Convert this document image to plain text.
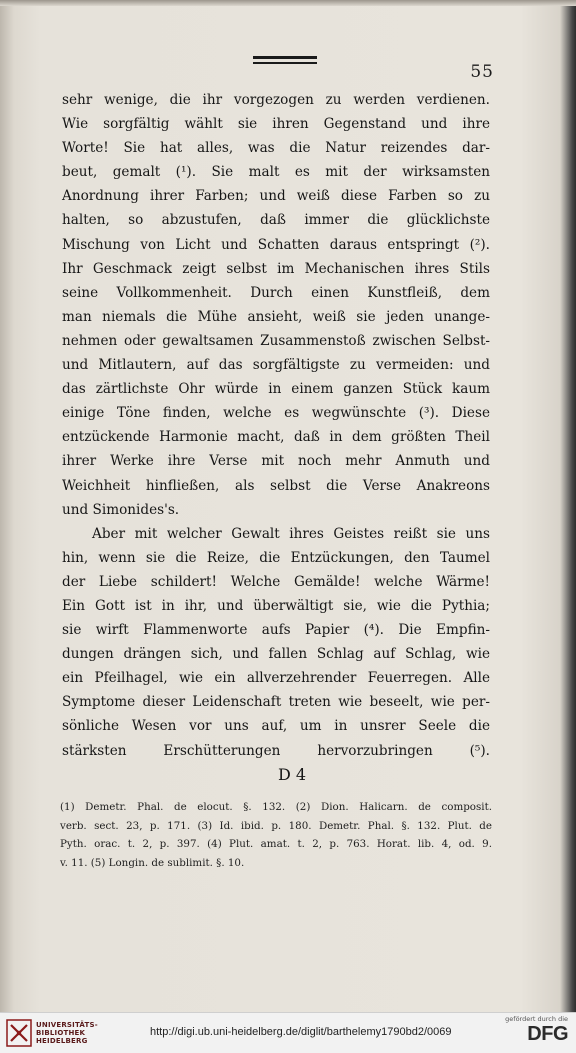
55
sehr wenige, die ihr vorgezogen zu werden verdienen.
Wie sorgfältig wählt sie ihren Gegenstand und ihre
Worte! Sie hat alles, was die Natur reizendes dar-
beut, gemalt (¹). Sie malt es mit der wirksamsten
Anordnung ihrer Farben; und weiß diese Farben so zu
halten, so abzustufen, daß immer die glücklichste
Mischung von Licht und Schatten daraus entspringt (²).
Ihr Geschmack zeigt selbst im Mechanischen ihres Stils
seine Vollkommenheit. Durch einen Kunstfleiß, dem
man niemals die Mühe ansieht, weiß sie jeden unange-
nehmen oder gewaltsamen Zusammenstoß zwischen Selbst-
und Mitlautern, auf das sorgfältigste zu vermeiden: und
das zärtlichste Ohr würde in einem ganzen Stück kaum
einige Töne finden, welche es wegwünschte (³). Diese
entzückende Harmonie macht, daß in dem größten Theil
ihrer Werke ihre Verse mit noch mehr Anmuth und
Weichheit hinfließen, als selbst die Verse Anakreons
und Simonides's.
Aber mit welcher Gewalt ihres Geistes reißt sie uns
hin, wenn sie die Reize, die Entzückungen, den Taumel
der Liebe schildert! Welche Gemälde! welche Wärme!
Ein Gott ist in ihr, und überwältigt sie, wie die Pythia;
sie wirft Flammenworte aufs Papier (⁴). Die Empfin-
dungen drängen sich, und fallen Schlag auf Schlag, wie
ein Pfeilhagel, wie ein allverzehrender Feuerregen. Alle
Symptome dieser Leidenschaft treten wie beseelt, wie per-
sönliche Wesen vor uns auf, um in unsrer Seele die
stärksten Erschütterungen hervorzubringen (⁵).
D 4
(1) Demetr. Phal. de elocut. §. 132. (2) Dion. Halicarn. de composit.
verb. sect. 23, p. 171. (3) Id. ibid. p. 180. Demetr. Phal. §. 132. Plut. de
Pyth. orac. t. 2, p. 397. (4) Plut. amat. t. 2, p. 763. Horat. lib. 4, od. 9.
v. 11. (5) Longin. de sublimit. §. 10.
UNIVERSITÄTS-
BIBLIOTHEK
HEIDELBERG
http://digi.ub.uni-heidelberg.de/diglit/barthelemy1790bd2/0069
gefördert durch die
DFG
